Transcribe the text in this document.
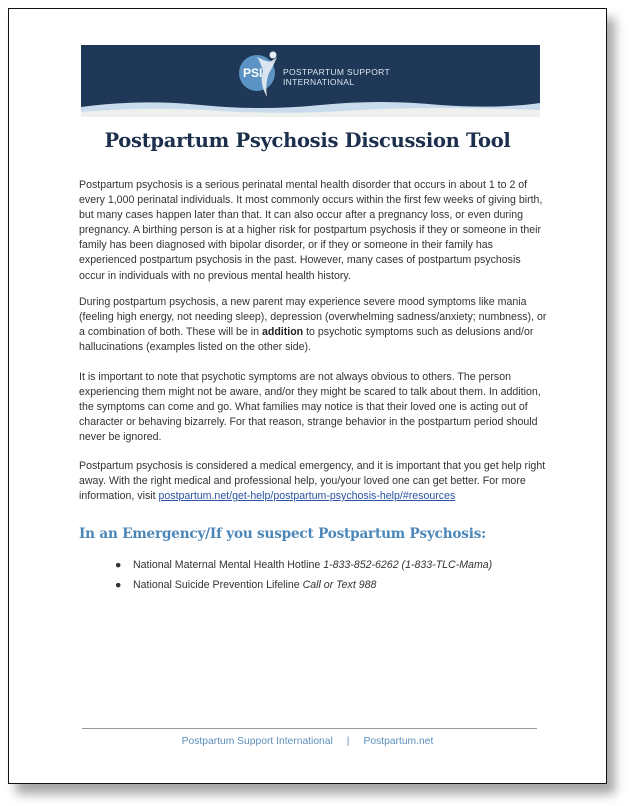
PSI	POSTPARTUM SUPPORT
INTERNATIONAL
Postpartum Psychosis Discussion Tool
Postpartum psychosis is a serious perinatal mental health disorder that occurs in about 1 to 2 of every 1,000 perinatal individuals. It most commonly occurs within the first few weeks of giving birth, but many cases happen later than that. It can also occur after a pregnancy loss, or even during pregnancy. A birthing person is at a higher risk for postpartum psychosis if they or someone in their family has been diagnosed with bipolar disorder, or if they or someone in their family has experienced postpartum psychosis in the past. However, many cases of postpartum psychosis occur in individuals with no previous mental health history.
During postpartum psychosis, a new parent may experience severe mood symptoms like mania (feeling high energy, not needing sleep), depression (overwhelming sadness/anxiety; numbness), or a combination of both. These will be in addition to psychotic symptoms such as delusions and/or hallucinations (examples listed on the other side).
It is important to note that psychotic symptoms are not always obvious to others. The person experiencing them might not be aware, and/or they might be scared to talk about them. In addition, the symptoms can come and go. What families may notice is that their loved one is acting out of character or behaving bizarrely. For that reason, strange behavior in the postpartum period should never be ignored.
Postpartum psychosis is considered a medical emergency, and it is important that you get help right away. With the right medical and professional help, you/your loved one can get better. For more information, visit postpartum.net/get-help/postpartum-psychosis-help/#resources
In an Emergency/If you suspect Postpartum Psychosis:
● National Maternal Mental Health Hotline 1-833-852-6262 (1-833-TLC-Mama)
● National Suicide Prevention Lifeline Call or Text 988
Postpartum Support International | Postpartum.net
